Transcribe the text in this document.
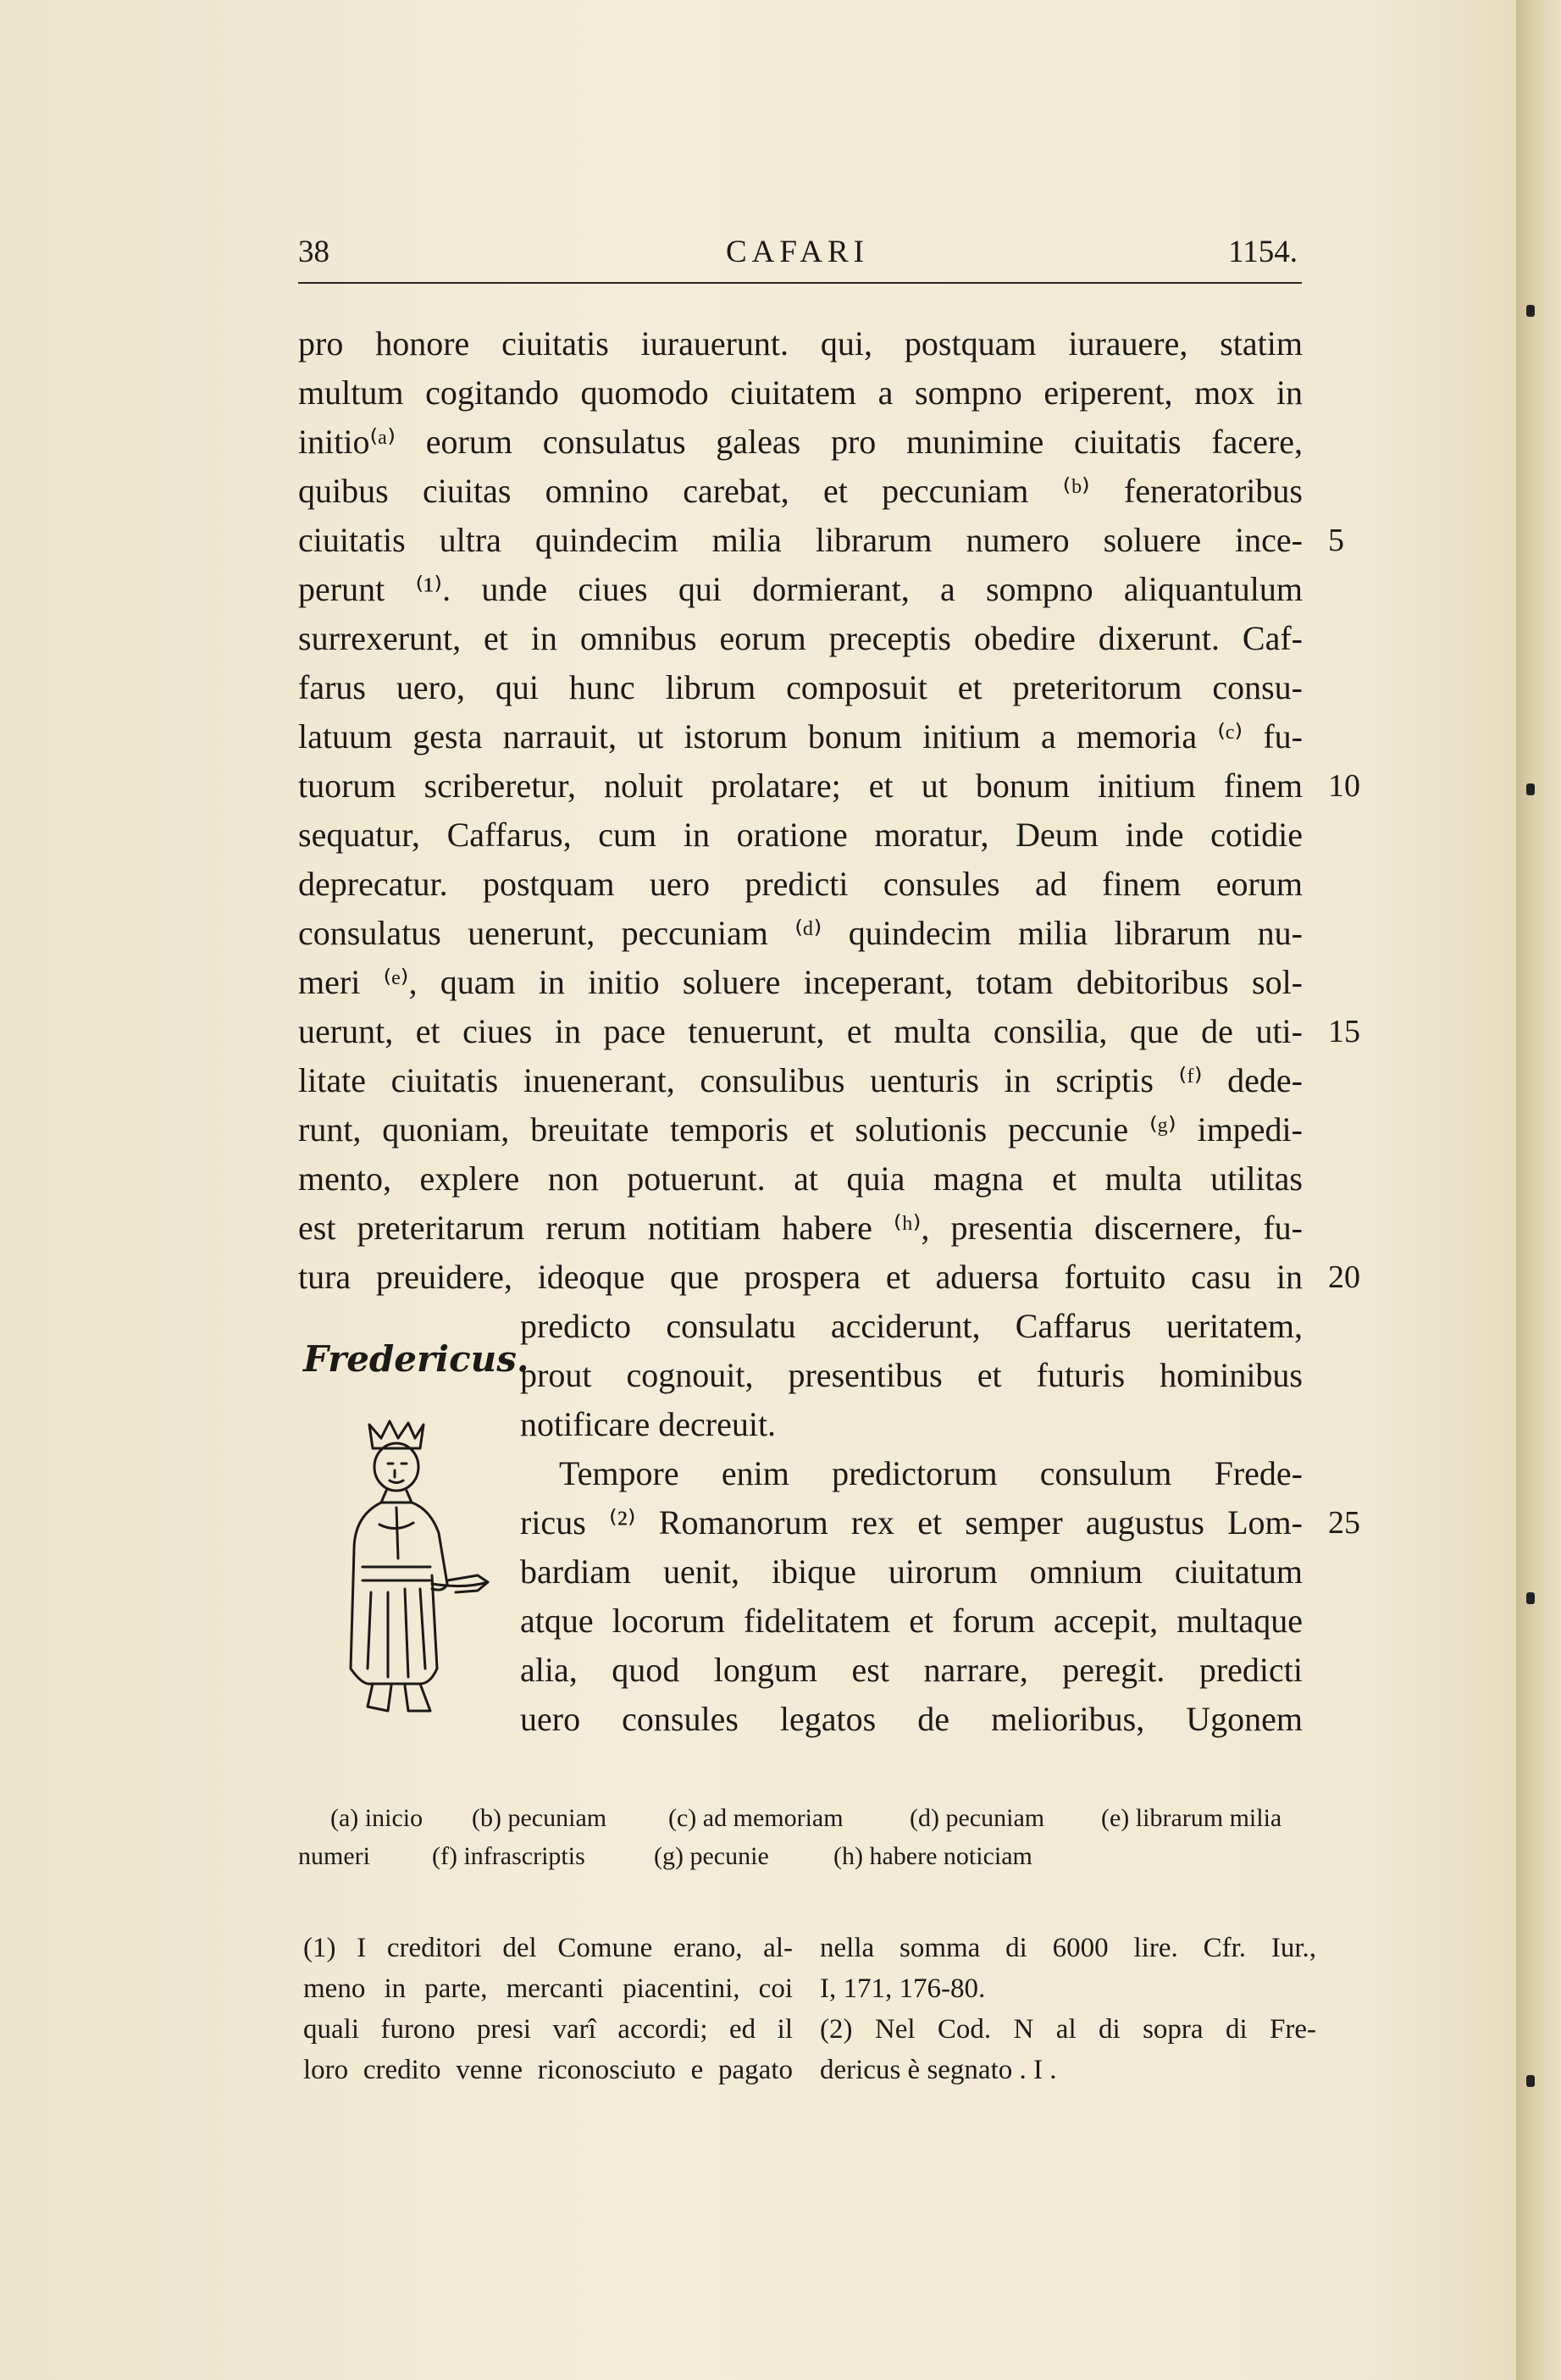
38	CAFARI	1154.
pro honore ciuitatis iurauerunt. qui, postquam iurauere, statim
multum cogitando quomodo ciuitatem a sompno eriperent, mox in
initio⁽ᵃ⁾ eorum consulatus galeas pro munimine ciuitatis facere,
quibus ciuitas omnino carebat, et peccuniam ⁽ᵇ⁾ feneratoribus
ciuitatis ultra quindecim milia librarum numero soluere ince-
perunt ⁽¹⁾. unde ciues qui dormierant, a sompno aliquantulum
surrexerunt, et in omnibus eorum preceptis obedire dixerunt. Caf-
farus uero, qui hunc librum composuit et preteritorum consu-
latuum gesta narrauit, ut istorum bonum initium a memoria ⁽ᶜ⁾ fu-
tuorum scriberetur, noluit prolatare; et ut bonum initium finem
sequatur, Caffarus, cum in oratione moratur, Deum inde cotidie
deprecatur. postquam uero predicti consules ad finem eorum
consulatus uenerunt, peccuniam ⁽ᵈ⁾ quindecim milia librarum nu-
meri ⁽ᵉ⁾, quam in initio soluere inceperant, totam debitoribus sol-
uerunt, et ciues in pace tenuerunt, et multa consilia, que de uti-
litate ciuitatis inuenerant, consulibus uenturis in scriptis ⁽ᶠ⁾ dede-
runt, quoniam, breuitate temporis et solutionis peccunie ⁽ᵍ⁾ impedi-
mento, explere non potuerunt. at quia magna et multa utilitas
est preteritarum rerum notitiam habere ⁽ʰ⁾, presentia discernere, fu-
tura preuidere, ideoque que prospera et aduersa fortuito casu in
predicto consulatu acciderunt, Caffarus ueritatem,
prout cognouit, presentibus et futuris hominibus
notificare decreuit.
Tempore enim predictorum consulum Frede-
ricus ⁽²⁾ Romanorum rex et semper augustus Lom-
bardiam uenit, ibique uirorum omnium ciuitatum
atque locorum fidelitatem et forum accepit, multaque
alia, quod longum est narrare, peregit. predicti
uero consules legatos de melioribus, Ugonem
5
10
15
20
25
Fredericus.
(a) inicio (b) pecuniam (c) ad memoriam	(d) pecuniam (e) librarum milia
numeri (f) infrascriptis	(g) pecunie	(h) habere noticiam
(1) I creditori del Comune erano, al-
meno in parte, mercanti piacentini, coi
quali furono presi varî accordi; ed il
loro credito venne riconosciuto e pagato
nella somma di 6000 lire. Cfr. Iur.,
I, 171, 176-80.
(2) Nel Cod. N al di sopra di Fre-
dericus è segnato . I .
